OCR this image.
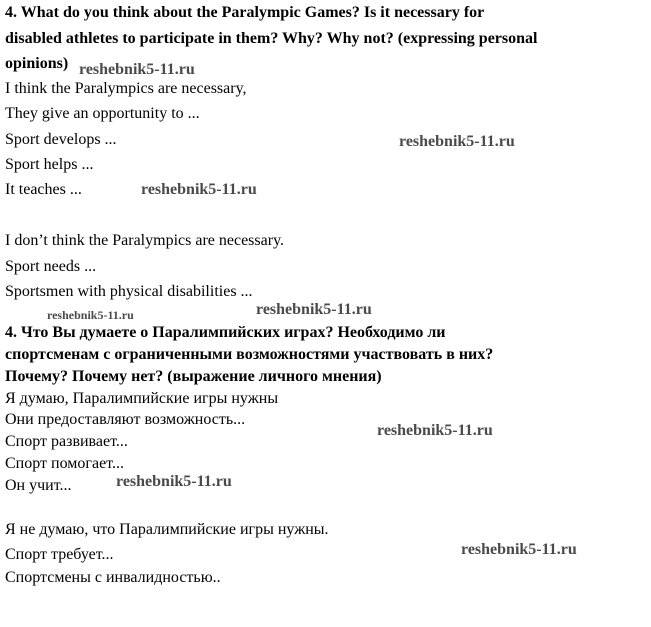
4. What do you think about the Paralympic Games? Is it necessary for
disabled athletes to participate in them? Why? Why not? (expressing personal
opinions)
I think the Paralympics are necessary,
They give an opportunity to ...
Sport develops ...
Sport helps ...
It teaches ...
I don’t think the Paralympics are necessary.
Sport needs ...
Sportsmen with physical disabilities ...
4. Что Вы думаете о Паралимпийских играх? Необходимо ли
спортсменам с ограниченными возможностями участвовать в них?
Почему? Почему нет? (выражение личного мнения)
Я думаю, Паралимпийские игры нужны
Они предоставляют возможность...
Спорт развивает...
Спорт помогает...
Он учит...
Я не думаю, что Паралимпийские игры нужны.
Спорт требует...
Спортсмены с инвалидностью..
reshebnik5-11.ru
reshebnik5-11.ru
reshebnik5-11.ru
reshebnik5-11.ru	reshebnik5-11.ru
reshebnik5-11.ru
reshebnik5-11.ru
reshebnik5-11.ru
